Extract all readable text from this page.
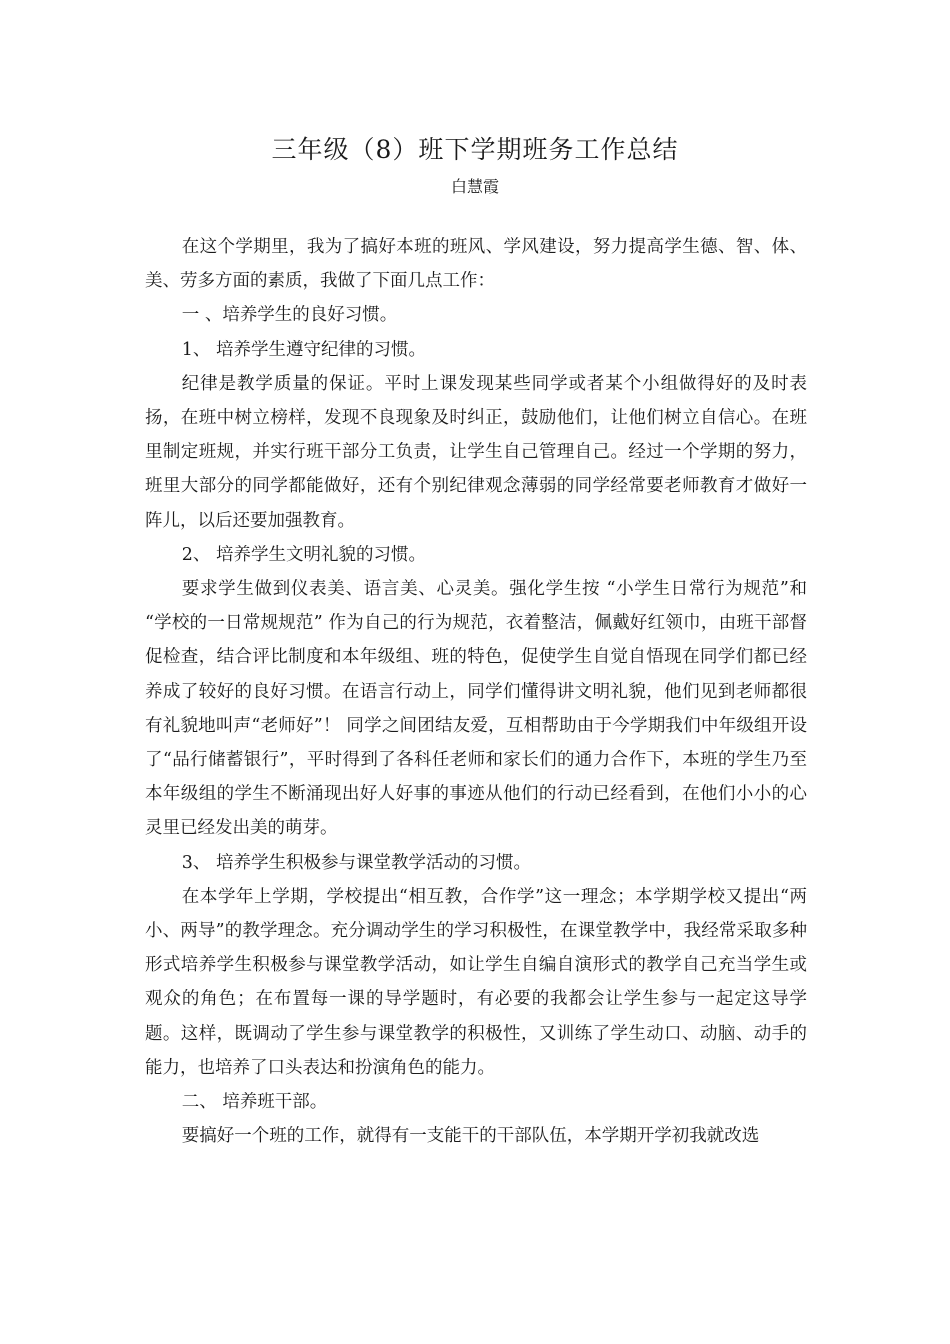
三年级（8）班下学期班务工作总结
白慧霞

在这个学期里，我为了搞好本班的班风、学风建设，努力提高学生德、智、体、美、劳多方面的素质，我做了下面几点工作：

一 、培养学生的良好习惯。

1、 培养学生遵守纪律的习惯。

纪律是教学质量的保证。平时上课发现某些同学或者某个小组做得好的及时表扬，在班中树立榜样，发现不良现象及时纠正，鼓励他们，让他们树立自信心。在班里制定班规，并实行班干部分工负责，让学生自己管理自己。经过一个学期的努力，班里大部分的同学都能做好，还有个别纪律观念薄弱的同学经常要老师教育才做好一阵儿，以后还要加强教育。

2、 培养学生文明礼貌的习惯。

要求学生做到仪表美、语言美、心灵美。强化学生按 “小学生日常行为规范”和 “学校的一日常规规范” 作为自己的行为规范，衣着整洁，佩戴好红领巾，由班干部督促检查，结合评比制度和本年级组、班的特色，促使学生自觉自悟现在同学们都已经养成了较好的良好习惯。在语言行动上，同学们懂得讲文明礼貌，他们见到老师都很有礼貌地叫声“老师好”！ 同学之间团结友爱，互相帮助由于今学期我们中年级组开设了“品行储蓄银行”，平时得到了各科任老师和家长们的通力合作下，本班的学生乃至本年级组的学生不断涌现出好人好事的事迹从他们的行动已经看到，在他们小小的心灵里已经发出美的萌芽。

3、 培养学生积极参与课堂教学活动的习惯。

在本学年上学期，学校提出“相互教，合作学”这一理念；本学期学校又提出“两小、两导”的教学理念。充分调动学生的学习积极性，在课堂教学中，我经常采取多种形式培养学生积极参与课堂教学活动，如让学生自编自演形式的教学自己充当学生或观众的角色；在布置每一课的导学题时，有必要的我都会让学生参与一起定这导学题。这样，既调动了学生参与课堂教学的积极性，又训练了学生动口、动脑、动手的能力，也培养了口头表达和扮演角色的能力。

二、 培养班干部。

要搞好一个班的工作，就得有一支能干的干部队伍，本学期开学初我就改选
